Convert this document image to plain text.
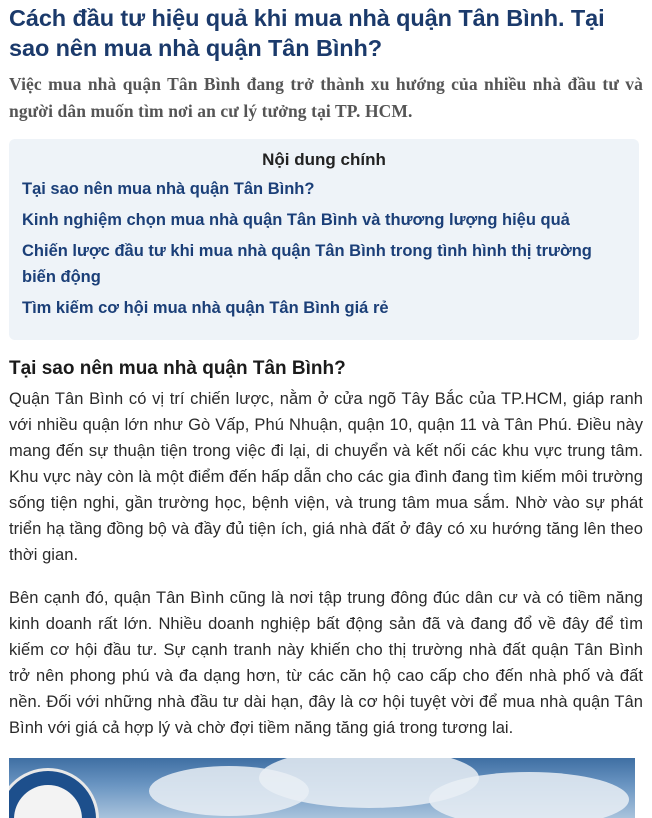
Cách đầu tư hiệu quả khi mua nhà quận Tân Bình. Tại sao nên mua nhà quận Tân Bình?

Việc mua nhà quận Tân Bình đang trở thành xu hướng của nhiều nhà đầu tư và người dân muốn tìm nơi an cư lý tưởng tại TP. HCM.

Nội dung chính
Tại sao nên mua nhà quận Tân Bình?
Kinh nghiệm chọn mua nhà quận Tân Bình và thương lượng hiệu quả
Chiến lược đầu tư khi mua nhà quận Tân Bình trong tình hình thị trường biến động
Tìm kiếm cơ hội mua nhà quận Tân Bình giá rẻ
Tại sao nên mua nhà quận Tân Bình?

Quận Tân Bình có vị trí chiến lược, nằm ở cửa ngõ Tây Bắc của TP.HCM, giáp ranh với nhiều quận lớn như Gò Vấp, Phú Nhuận, quận 10, quận 11 và Tân Phú. Điều này mang đến sự thuận tiện trong việc đi lại, di chuyển và kết nối các khu vực trung tâm. Khu vực này còn là một điểm đến hấp dẫn cho các gia đình đang tìm kiếm môi trường sống tiện nghi, gần trường học, bệnh viện, và trung tâm mua sắm. Nhờ vào sự phát triển hạ tầng đồng bộ và đầy đủ tiện ích, giá nhà đất ở đây có xu hướng tăng lên theo thời gian.

Bên cạnh đó, quận Tân Bình cũng là nơi tập trung đông đúc dân cư và có tiềm năng kinh doanh rất lớn. Nhiều doanh nghiệp bất động sản đã và đang đổ về đây để tìm kiếm cơ hội đầu tư. Sự cạnh tranh này khiến cho thị trường nhà đất quận Tân Bình trở nên phong phú và đa dạng hơn, từ các căn hộ cao cấp cho đến nhà phố và đất nền. Đối với những nhà đầu tư dài hạn, đây là cơ hội tuyệt vời để mua nhà quận Tân Bình với giá cả hợp lý và chờ đợi tiềm năng tăng giá trong tương lai.
